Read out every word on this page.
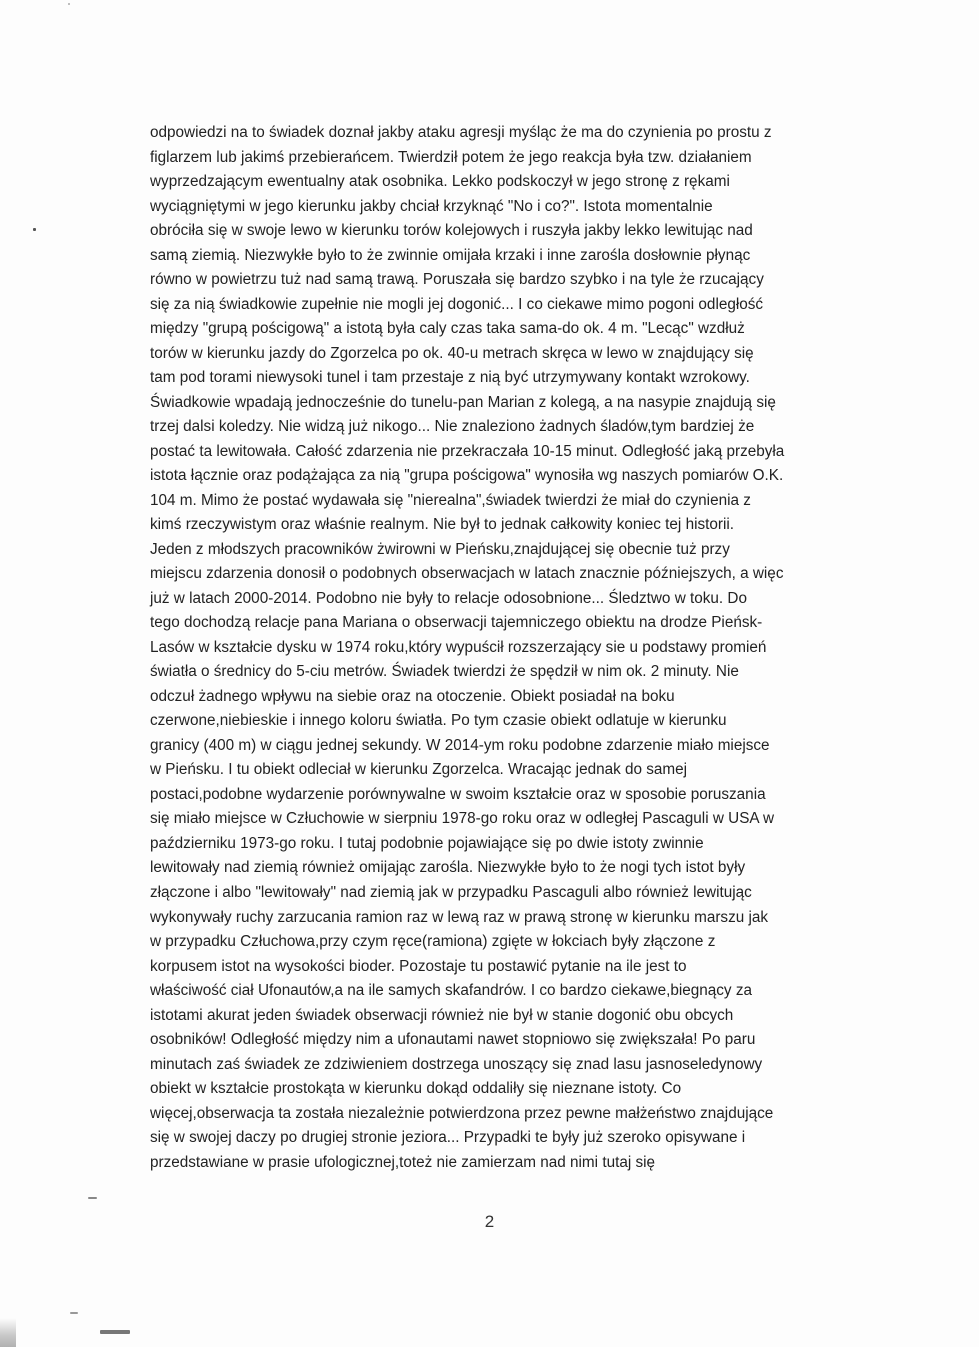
odpowiedzi na to świadek doznał jakby ataku agresji myśląc że ma do czynienia po prostu z
figlarzem lub jakimś przebierańcem. Twierdził potem że jego reakcja była tzw. działaniem
wyprzedzającym ewentualny atak osobnika. Lekko podskoczył w jego stronę z rękami
wyciągniętymi w jego kierunku jakby chciał krzyknąć "No i co?". Istota momentalnie
obróciła się w swoje lewo w kierunku torów kolejowych i ruszyła jakby lekko lewitując nad
samą ziemią. Niezwykłe było to że zwinnie omijała krzaki i inne zarośla dosłownie płynąc
równo w powietrzu tuż nad samą trawą. Poruszała się bardzo szybko i na tyle że rzucający
się za nią świadkowie zupełnie nie mogli jej dogonić... I co ciekawe mimo pogoni odległość
między "grupą pościgową" a istotą była caly czas taka sama-do ok. 4 m. "Lecąc" wzdłuż
torów w kierunku jazdy do Zgorzelca po ok. 40-u metrach skręca w lewo w znajdujący się
tam pod torami niewysoki tunel i tam przestaje z nią być utrzymywany kontakt wzrokowy.
Świadkowie wpadają jednocześnie do tunelu-pan Marian z kolegą, a na nasypie znajdują się
trzej dalsi koledzy. Nie widzą już nikogo... Nie znaleziono żadnych śladów,tym bardziej że
postać ta lewitowała. Całość zdarzenia nie przekraczała 10-15 minut. Odległość jaką przebyła
istota łącznie oraz podążająca za nią "grupa pościgowa" wynosiła wg naszych pomiarów O.K.
104 m. Mimo że postać wydawała się "nierealna",świadek twierdzi że miał do czynienia z
kimś rzeczywistym oraz właśnie realnym. Nie był to jednak całkowity koniec tej historii.
Jeden z młodszych pracowników żwirowni w Pieńsku,znajdującej się obecnie tuż przy
miejscu zdarzenia donosił o podobnych obserwacjach w latach znacznie późniejszych, a więc
już w latach 2000-2014. Podobno nie były to relacje odosobnione... Śledztwo w toku. Do
tego dochodzą relacje pana Mariana o obserwacji tajemniczego obiektu na drodze Pieńsk-
Lasów w kształcie dysku w 1974 roku,który wypuścił rozszerzający sie u podstawy promień
światła o średnicy do 5-ciu metrów. Świadek twierdzi że spędził w nim ok. 2 minuty. Nie
odczuł żadnego wpływu na siebie oraz na otoczenie. Obiekt posiadał na boku
czerwone,niebieskie i innego koloru światła. Po tym czasie obiekt odlatuje w kierunku
granicy (400 m) w ciągu jednej sekundy. W 2014-ym roku podobne zdarzenie miało miejsce
w Pieńsku. I tu obiekt odleciał w kierunku Zgorzelca. Wracając jednak do samej
postaci,podobne wydarzenie porównywalne w swoim kształcie oraz w sposobie poruszania
się miało miejsce w Człuchowie w sierpniu 1978-go roku oraz w odległej Pascaguli w USA w
październiku 1973-go roku. I tutaj podobnie pojawiające się po dwie istoty zwinnie
lewitowały nad ziemią również omijając zarośla. Niezwykłe było to że nogi tych istot były
złączone i albo "lewitowały" nad ziemią jak w przypadku Pascaguli albo również lewitując
wykonywały ruchy zarzucania ramion raz w lewą raz w prawą stronę w kierunku marszu jak
w przypadku Człuchowa,przy czym ręce(ramiona) zgięte w łokciach były złączone z
korpusem istot na wysokości bioder. Pozostaje tu postawić pytanie na ile jest to
właściwość ciał Ufonautów,a na ile samych skafandrów. I co bardzo ciekawe,biegnący za
istotami akurat jeden świadek obserwacji również nie był w stanie dogonić obu obcych
osobników! Odległość między nim a ufonautami nawet stopniowo się zwiększała! Po paru
minutach zaś świadek ze zdziwieniem dostrzega unoszący się znad lasu jasnoseledynowy
obiekt w kształcie prostokąta w kierunku dokąd oddaliły się nieznane istoty. Co
więcej,obserwacja ta została niezależnie potwierdzona przez pewne małżeństwo znajdujące
się w swojej daczy po drugiej stronie jeziora... Przypadki te były już szeroko opisywane i
przedstawiane w prasie ufologicznej,toteż nie zamierzam nad nimi tutaj się
2
